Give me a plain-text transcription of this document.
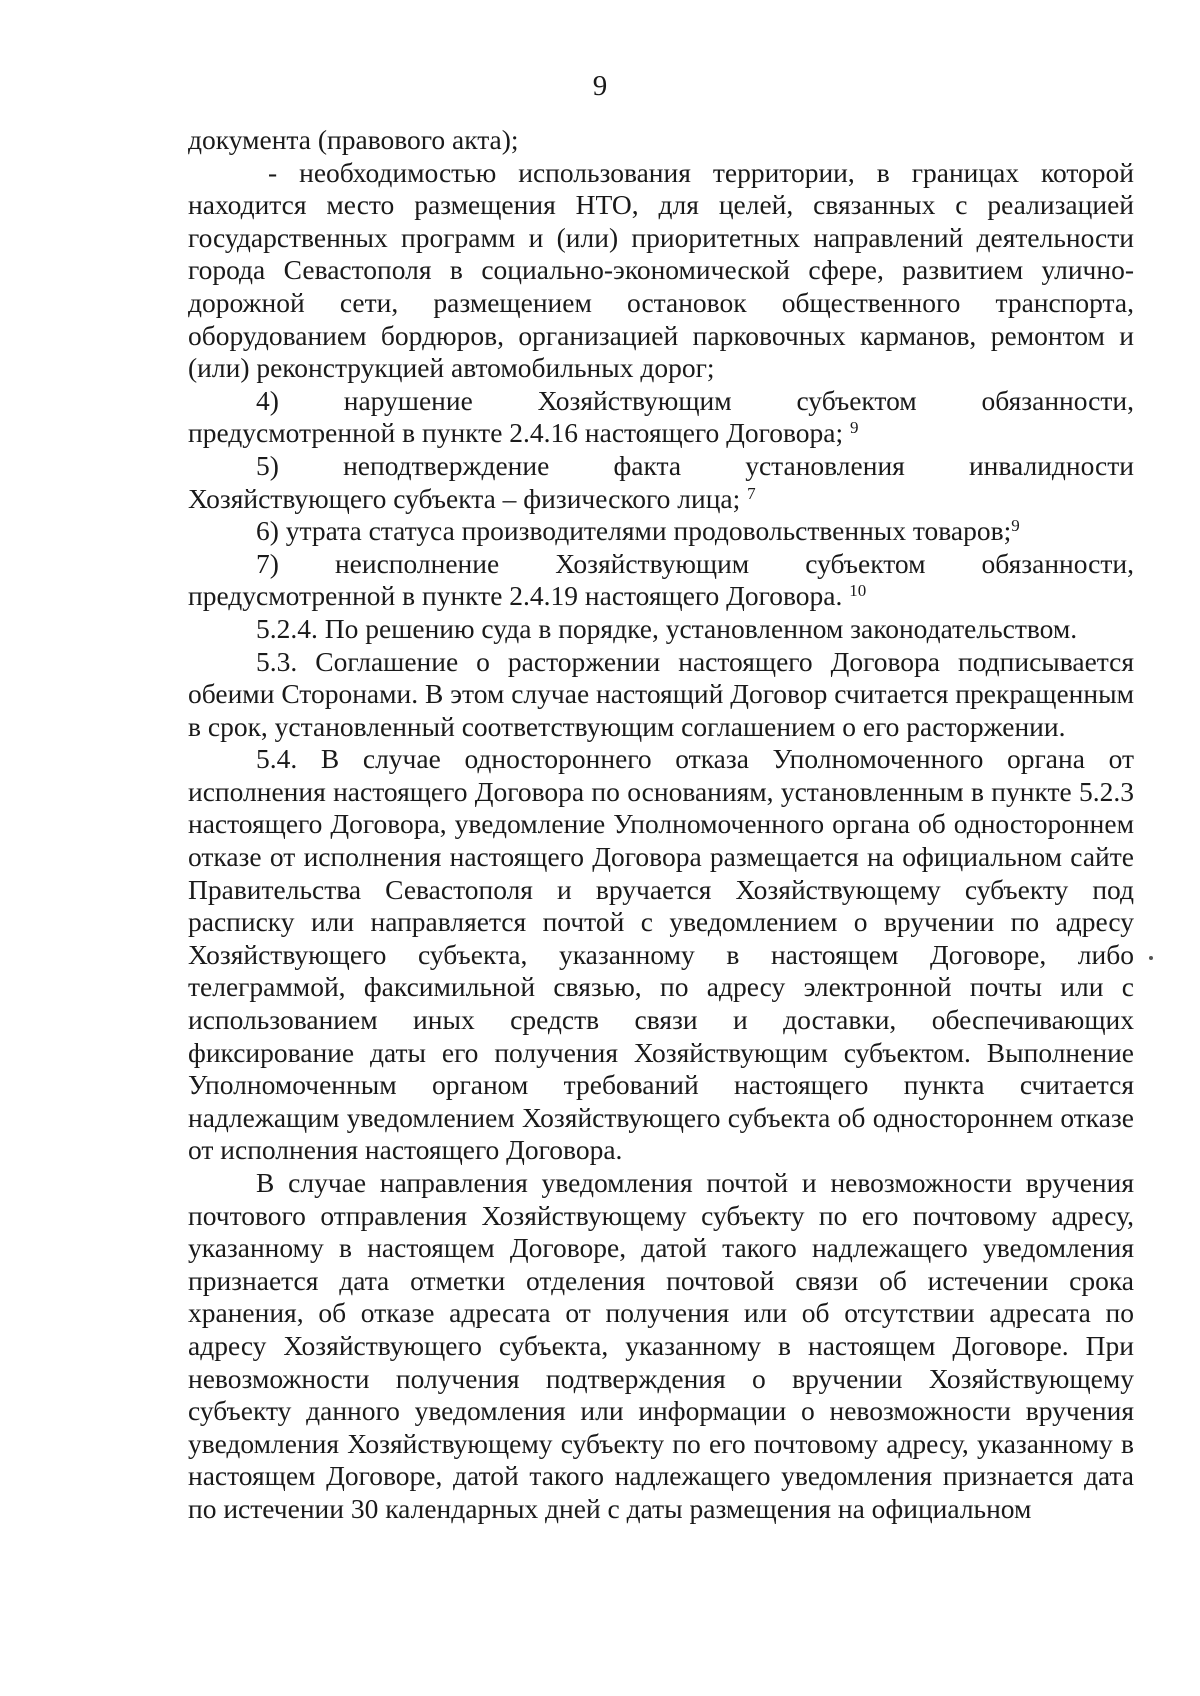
9

документа (правового акта);

- необходимостью использования территории, в границах которой находится место размещения НТО, для целей, связанных с реализацией государственных программ и (или) приоритетных направлений деятельности города Севастополя в социально-экономической сфере, развитием улично-дорожной сети, размещением остановок общественного транспорта, оборудованием бордюров, организацией парковочных карманов, ремонтом и (или) реконструкцией автомобильных дорог;

4) нарушение Хозяйствующим субъектом обязанности,
предусмотренной в пункте 2.4.16 настоящего Договора; $^9$

5) неподтверждение факта установления инвалидности
Хозяйствующего субъекта – физического лица; $^7$

6) утрата статуса производителями продовольственных товаров;$^9$

7) неисполнение Хозяйствующим субъектом обязанности,
предусмотренной в пункте 2.4.19 настоящего Договора. $^{10}$

5.2.4. По решению суда в порядке, установленном законодательством.

5.3. Соглашение о расторжении настоящего Договора подписывается обеими Сторонами. В этом случае настоящий Договор считается прекращенным в срок, установленный соответствующим соглашением о его расторжении.

5.4. В случае одностороннего отказа Уполномоченного органа от исполнения настоящего Договора по основаниям, установленным в пункте 5.2.3 настоящего Договора, уведомление Уполномоченного органа об одностороннем отказе от исполнения настоящего Договора размещается на официальном сайте Правительства Севастополя и вручается Хозяйствующему субъекту под расписку или направляется почтой с уведомлением о вручении по адресу Хозяйствующего субъекта, указанному в настоящем Договоре, либо телеграммой, факсимильной связью, по адресу электронной почты или с использованием иных средств связи и доставки, обеспечивающих фиксирование даты его получения Хозяйствующим субъектом. Выполнение Уполномоченным органом требований настоящего пункта считается надлежащим уведомлением Хозяйствующего субъекта об одностороннем отказе от исполнения настоящего Договора.

В случае направления уведомления почтой и невозможности вручения почтового отправления Хозяйствующему субъекту по его почтовому адресу, указанному в настоящем Договоре, датой такого надлежащего уведомления признается дата отметки отделения почтовой связи об истечении срока хранения, об отказе адресата от получения или об отсутствии адресата по адресу Хозяйствующего субъекта, указанному в настоящем Договоре. При невозможности получения подтверждения о вручении Хозяйствующему субъекту данного уведомления или информации о невозможности вручения уведомления Хозяйствующему субъекту по его почтовому адресу, указанному в настоящем Договоре, датой такого надлежащего уведомления признается дата по истечении 30 календарных дней с даты размещения на официальном
